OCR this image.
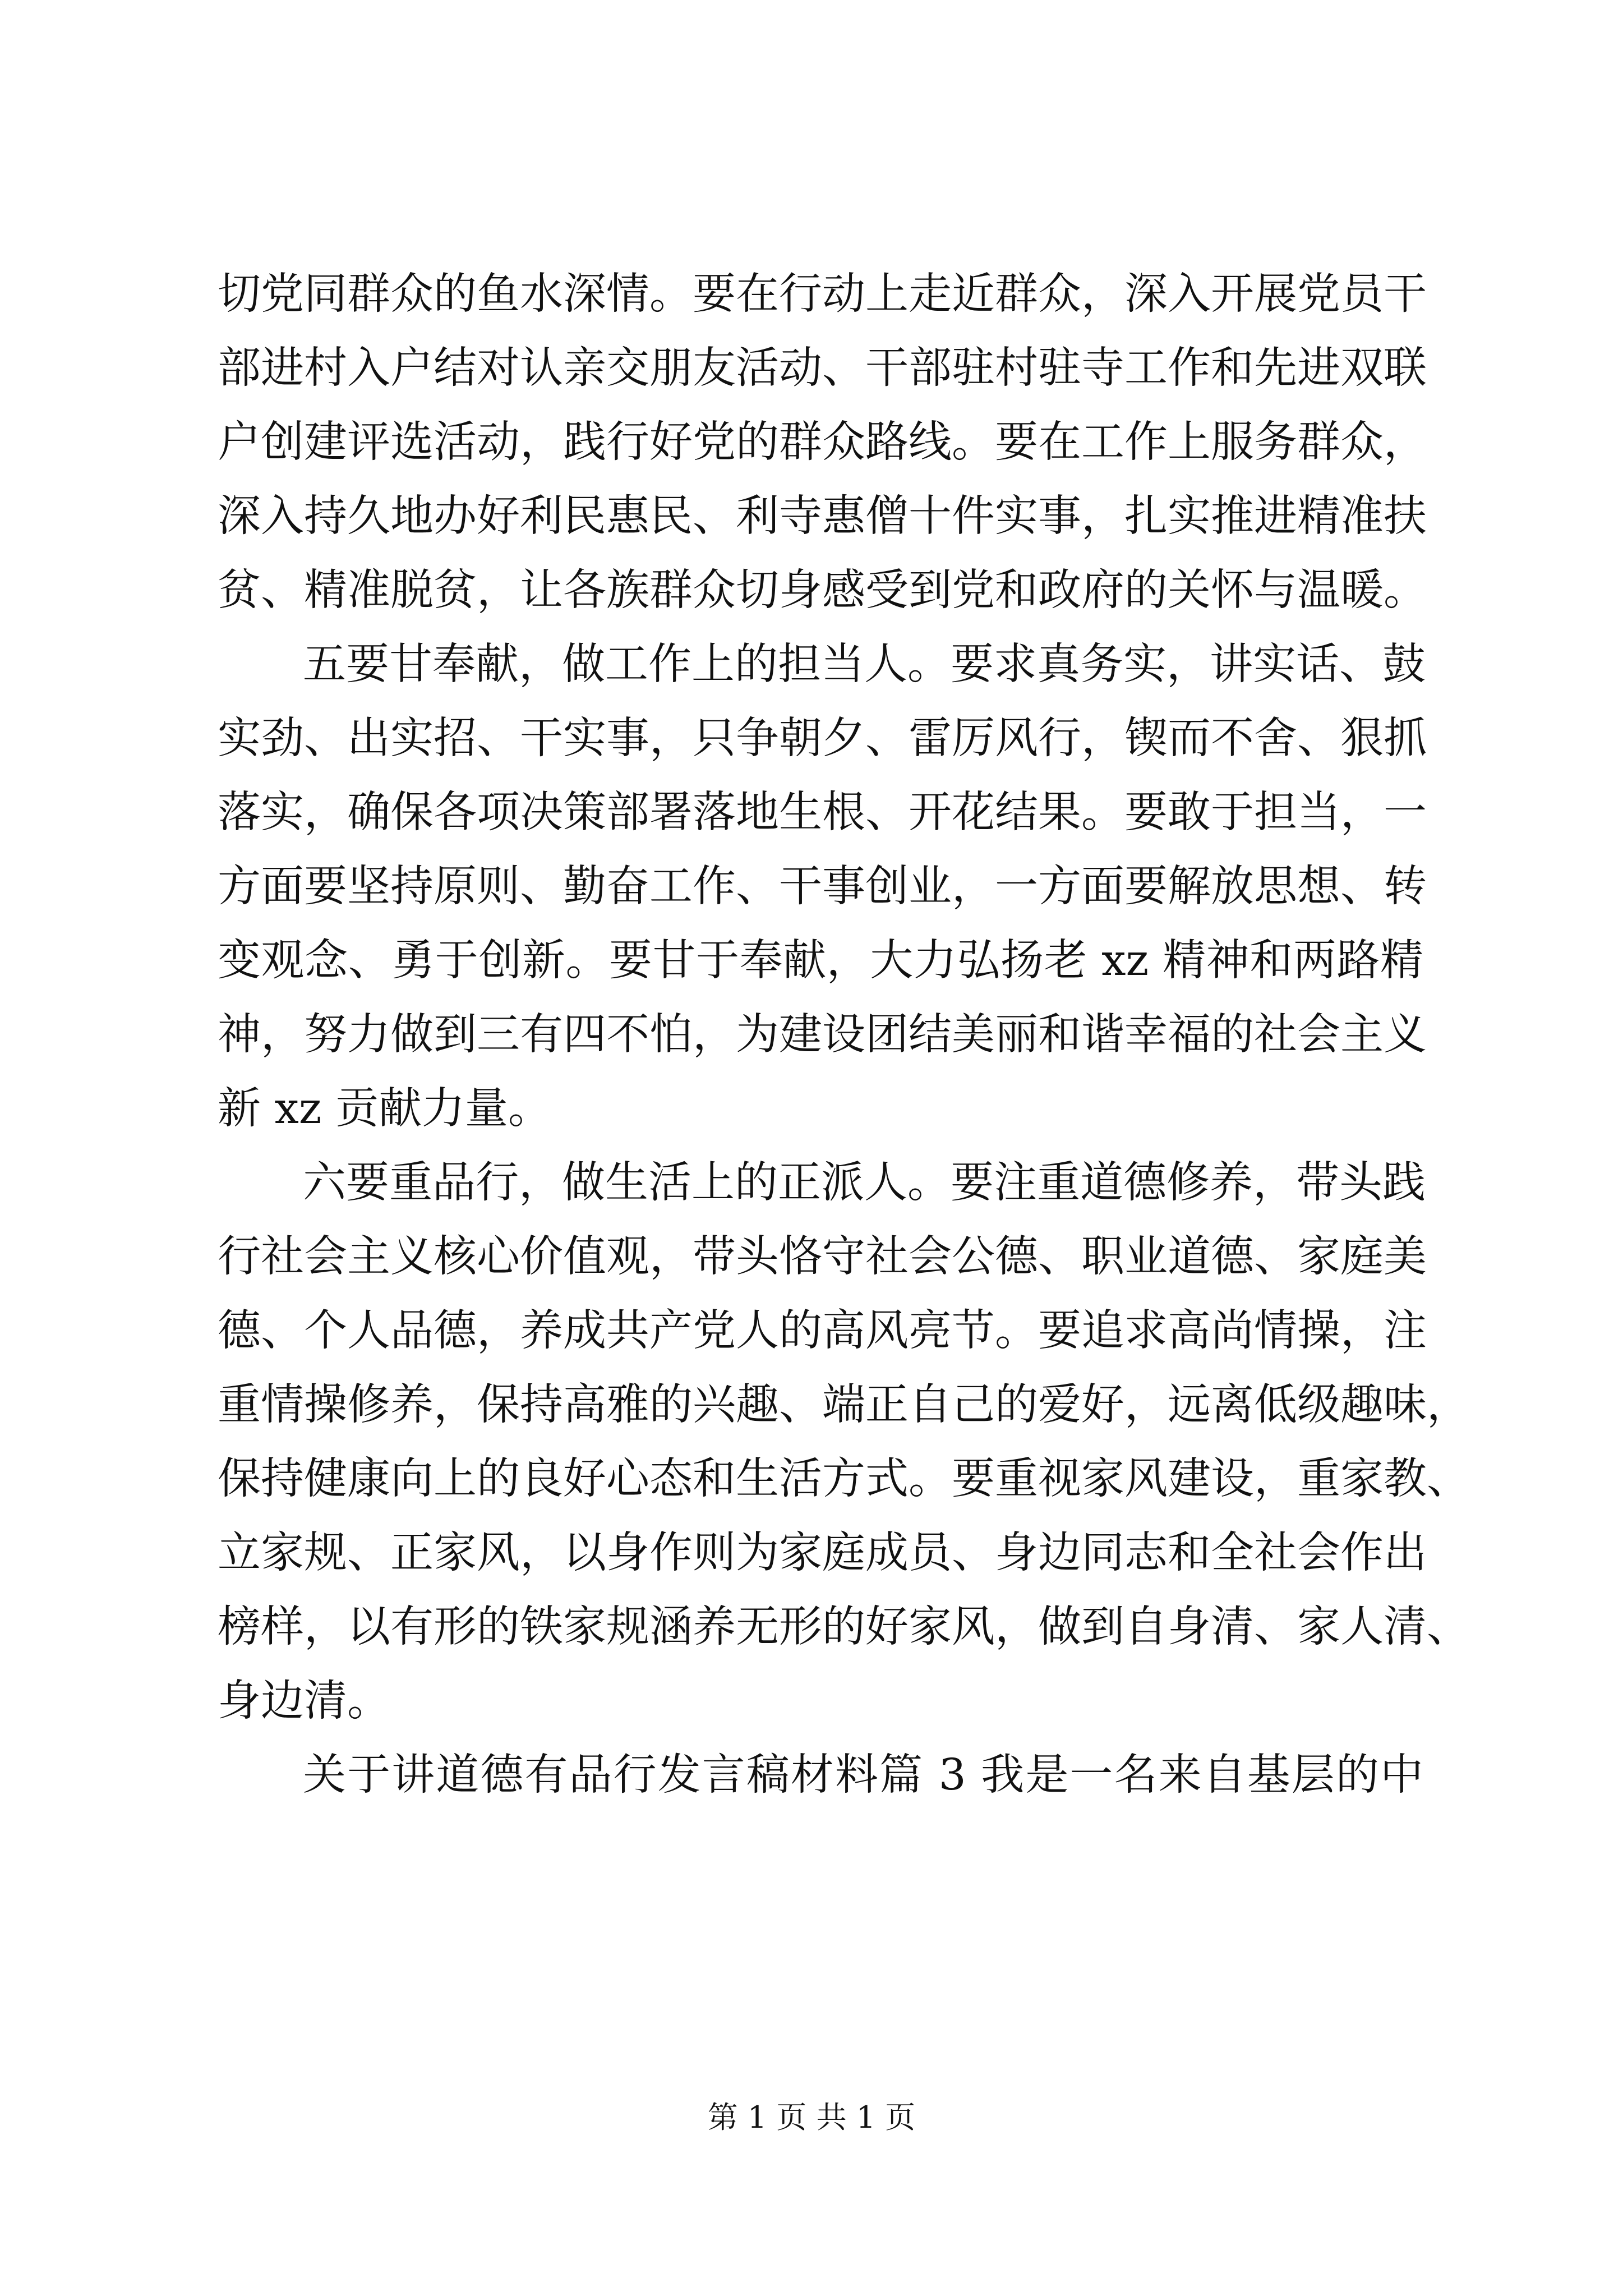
切党同群众的鱼水深情。要在行动上走近群众，深入开展党员干
部进村入户结对认亲交朋友活动、干部驻村驻寺工作和先进双联
户创建评选活动，践行好党的群众路线。要在工作上服务群众，
深入持久地办好利民惠民、利寺惠僧十件实事，扎实推进精准扶
贫、精准脱贫，让各族群众切身感受到党和政府的关怀与温暖。
五要甘奉献，做工作上的担当人。要求真务实，讲实话、鼓
实劲、出实招、干实事，只争朝夕、雷厉风行，锲而不舍、狠抓
落实，确保各项决策部署落地生根、开花结果。要敢于担当，一
方面要坚持原则、勤奋工作、干事创业，一方面要解放思想、转
变观念、勇于创新。要甘于奉献，大力弘扬老 xz 精神和两路精
神，努力做到三有四不怕，为建设团结美丽和谐幸福的社会主义
新 xz 贡献力量。
六要重品行，做生活上的正派人。要注重道德修养，带头践
行社会主义核心价值观，带头恪守社会公德、职业道德、家庭美
德、个人品德，养成共产党人的高风亮节。要追求高尚情操，注
重情操修养，保持高雅的兴趣、端正自己的爱好，远离低级趣味，
保持健康向上的良好心态和生活方式。要重视家风建设，重家教、
立家规、正家风，以身作则为家庭成员、身边同志和全社会作出
榜样，以有形的铁家规涵养无形的好家风，做到自身清、家人清、
身边清。
关于讲道德有品行发言稿材料篇 3 我是一名来自基层的中
第 1 页 共 1 页
